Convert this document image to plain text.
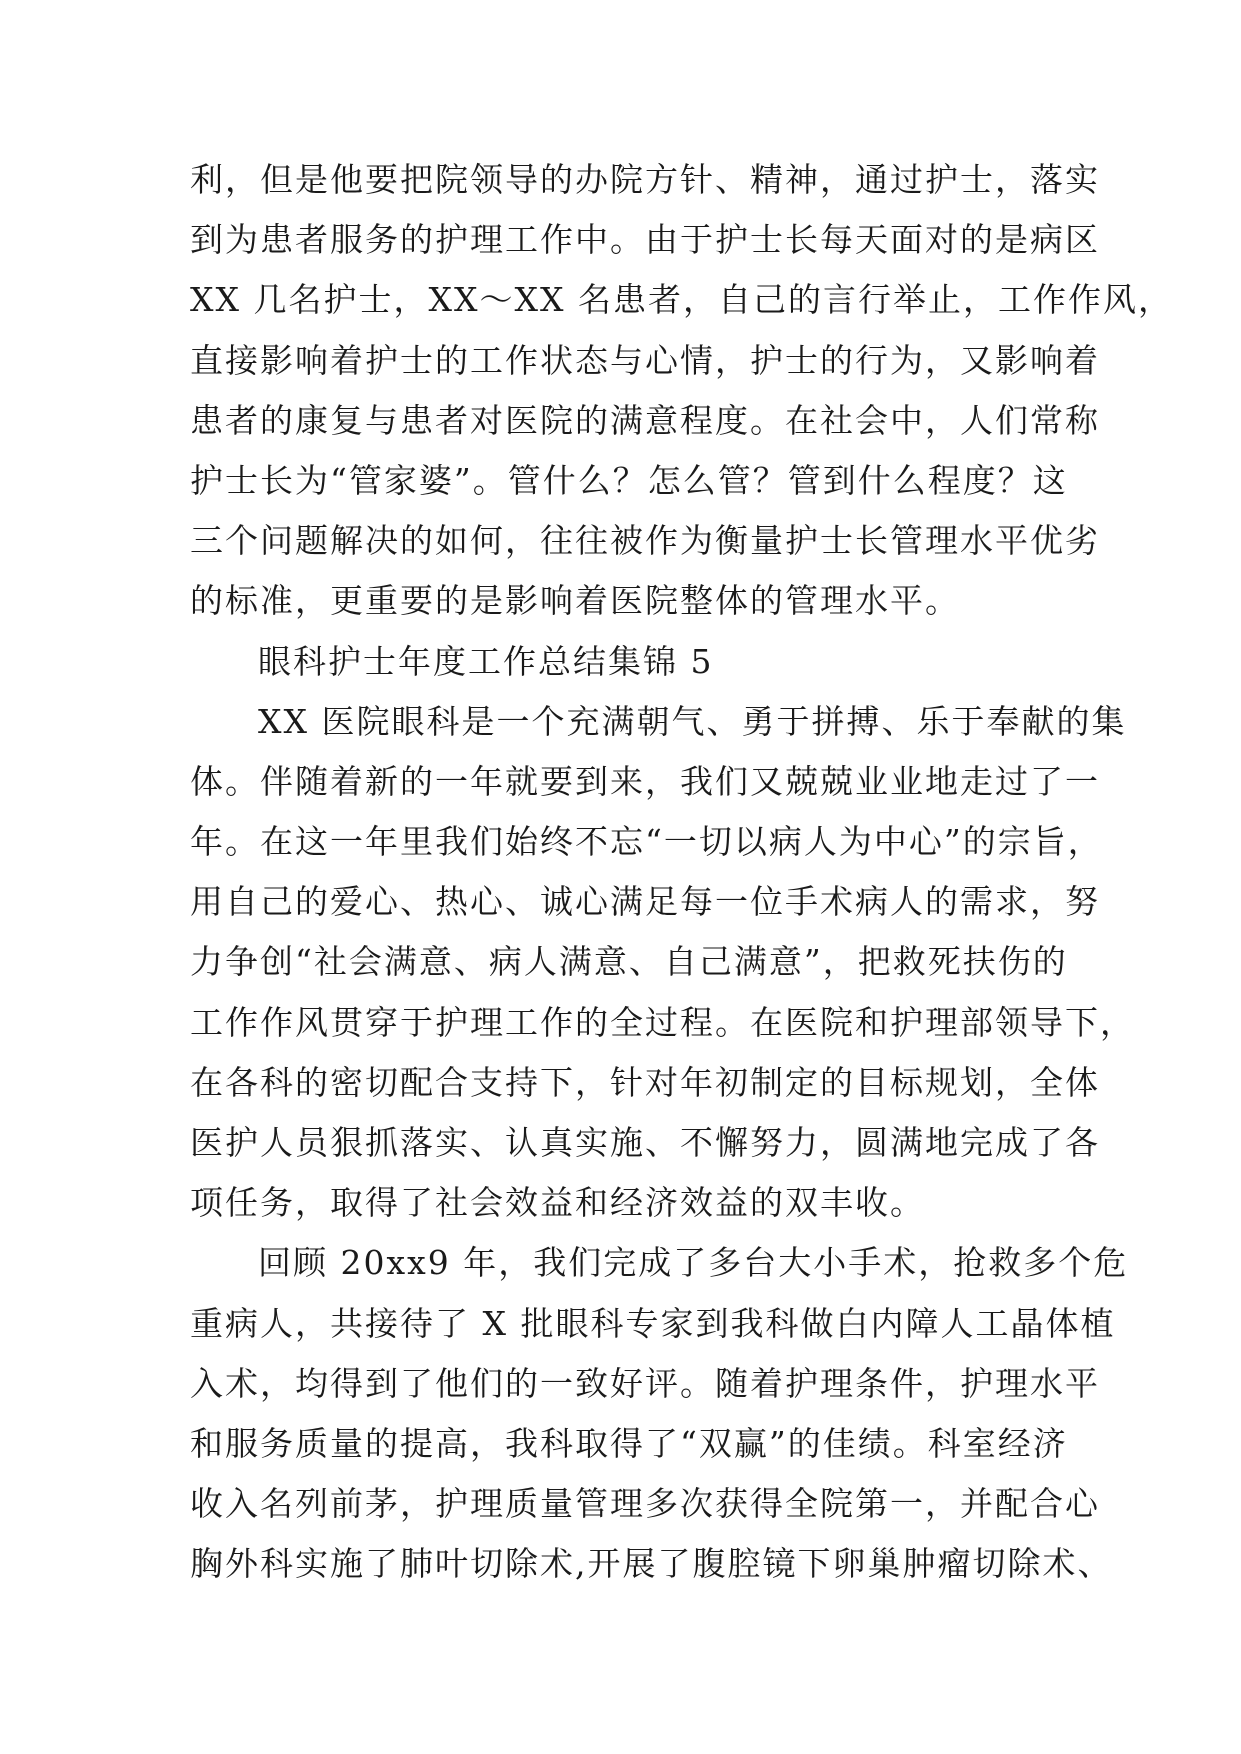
利，但是他要把院领导的办院方针、精神，通过护士，落实
到为患者服务的护理工作中。由于护士长每天面对的是病区
XX 几名护士，XX～XX 名患者，自己的言行举止，工作作风，
直接影响着护士的工作状态与心情，护士的行为，又影响着
患者的康复与患者对医院的满意程度。在社会中，人们常称
护士长为“管家婆”。管什么？怎么管？管到什么程度？这
三个问题解决的如何，往往被作为衡量护士长管理水平优劣
的标准，更重要的是影响着医院整体的管理水平。
眼科护士年度工作总结集锦 5
XX 医院眼科是一个充满朝气、勇于拼搏、乐于奉献的集
体。伴随着新的一年就要到来，我们又兢兢业业地走过了一
年。在这一年里我们始终不忘“一切以病人为中心”的宗旨，
用自己的爱心、热心、诚心满足每一位手术病人的需求，努
力争创“社会满意、病人满意、自己满意”，把救死扶伤的
工作作风贯穿于护理工作的全过程。在医院和护理部领导下，
在各科的密切配合支持下，针对年初制定的目标规划，全体
医护人员狠抓落实、认真实施、不懈努力，圆满地完成了各
项任务，取得了社会效益和经济效益的双丰收。
回顾 20xx9 年，我们完成了多台大小手术，抢救多个危
重病人，共接待了 X 批眼科专家到我科做白内障人工晶体植
入术，均得到了他们的一致好评。随着护理条件，护理水平
和服务质量的提高，我科取得了“双赢”的佳绩。科室经济
收入名列前茅，护理质量管理多次获得全院第一，并配合心
胸外科实施了肺叶切除术,开展了腹腔镜下卵巢肿瘤切除术、
